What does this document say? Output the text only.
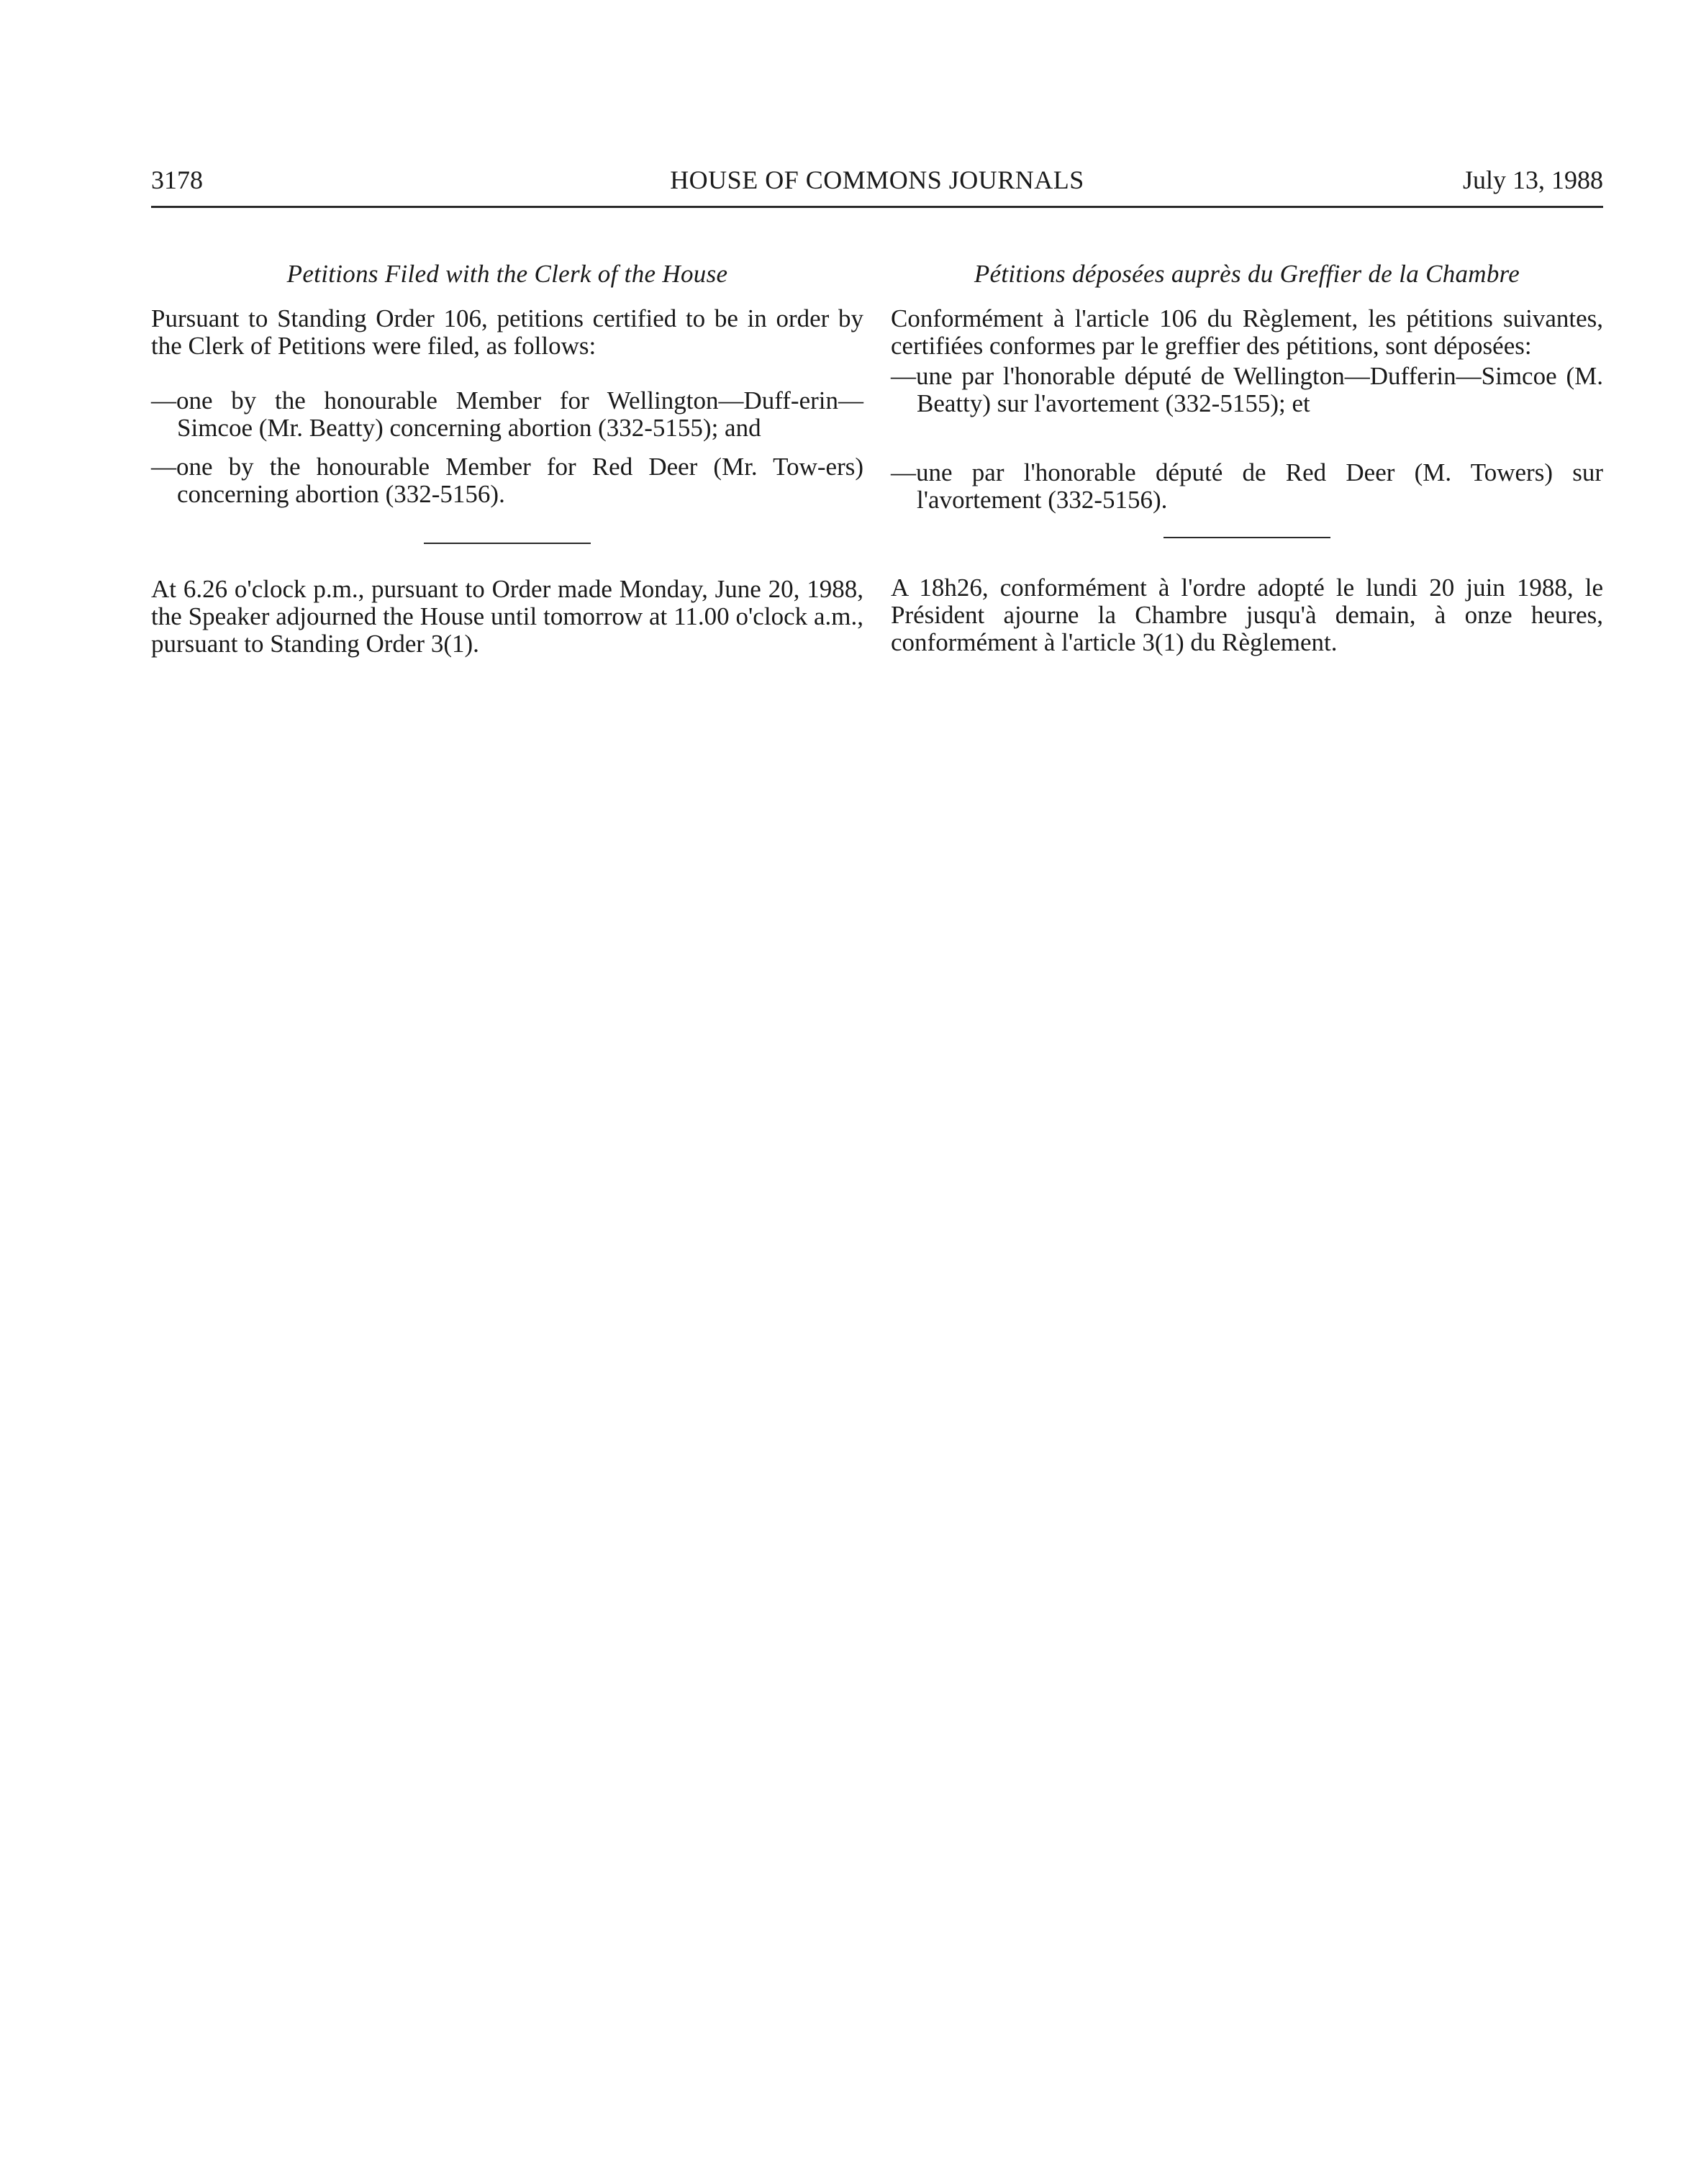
3178	HOUSE OF COMMONS JOURNALS	July 13, 1988

Petitions Filed with the Clerk of the House

Pursuant to Standing Order 106, petitions certified to be in order by the Clerk of Petitions were filed, as follows:

—one by the honourable Member for Wellington—Duff-erin—Simcoe (Mr. Beatty) concerning abortion (332-5155); and
—one by the honourable Member for Red Deer (Mr. Tow-ers) concerning abortion (332-5156).

At 6.26 o'clock p.m., pursuant to Order made Monday, June 20, 1988, the Speaker adjourned the House until tomorrow at 11.00 o'clock a.m., pursuant to Standing Order 3(1).

Pétitions déposées auprès du Greffier de la Chambre

Conformément à l'article 106 du Règlement, les pétitions suivantes, certifiées conformes par le greffier des pétitions, sont déposées:

—une par l'honorable député de Wellington—Dufferin—Simcoe (M. Beatty) sur l'avortement (332-5155); et
—une par l'honorable député de Red Deer (M. Towers) sur l'avortement (332-5156).

A 18h26, conformément à l'ordre adopté le lundi 20 juin 1988, le Président ajourne la Chambre jusqu'à demain, à onze heures, conformément à l'article 3(1) du Règlement.
